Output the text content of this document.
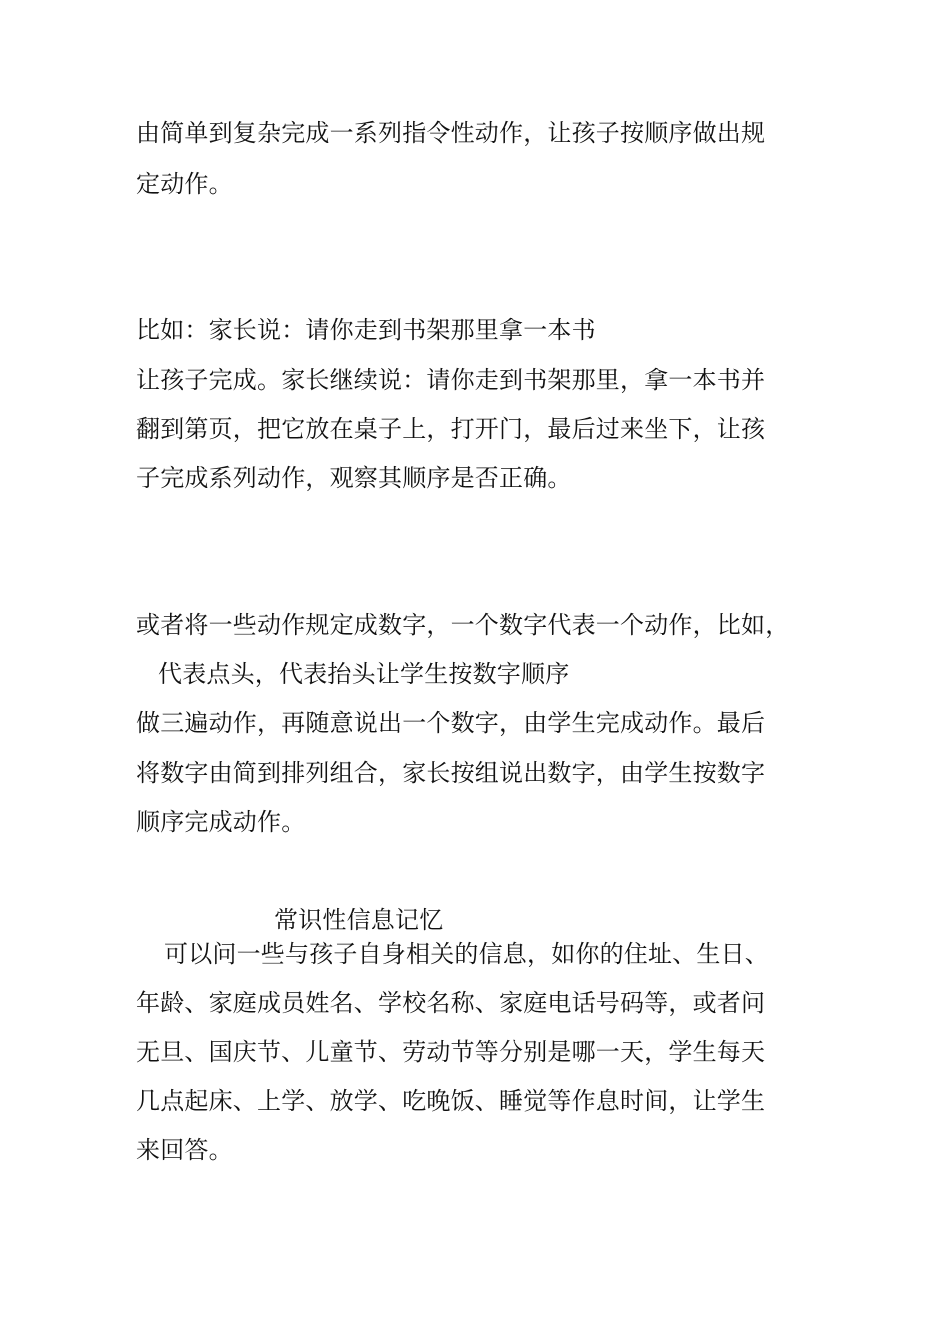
由简单到复杂完成一系列指令性动作，让孩子按顺序做出规
定动作。
比如：家长说：请你走到书架那里拿一本书
让孩子完成。家长继续说：请你走到书架那里，拿一本书并
翻到第页，把它放在桌子上，打开门，最后过来坐下，让孩
子完成系列动作，观察其顺序是否正确。
或者将一些动作规定成数字，一个数字代表一个动作，比如，
代表点头，代表抬头让学生按数字顺序
做三遍动作，再随意说出一个数字，由学生完成动作。最后
将数字由简到排列组合，家长按组说出数字，由学生按数字
顺序完成动作。
常识性信息记忆
可以问一些与孩子自身相关的信息，如你的住址、生日、
年龄、家庭成员姓名、学校名称、家庭电话号码等，或者问
无旦、国庆节、儿童节、劳动节等分别是哪一天，学生每天
几点起床、上学、放学、吃晚饭、睡觉等作息时间，让学生
来回答。
